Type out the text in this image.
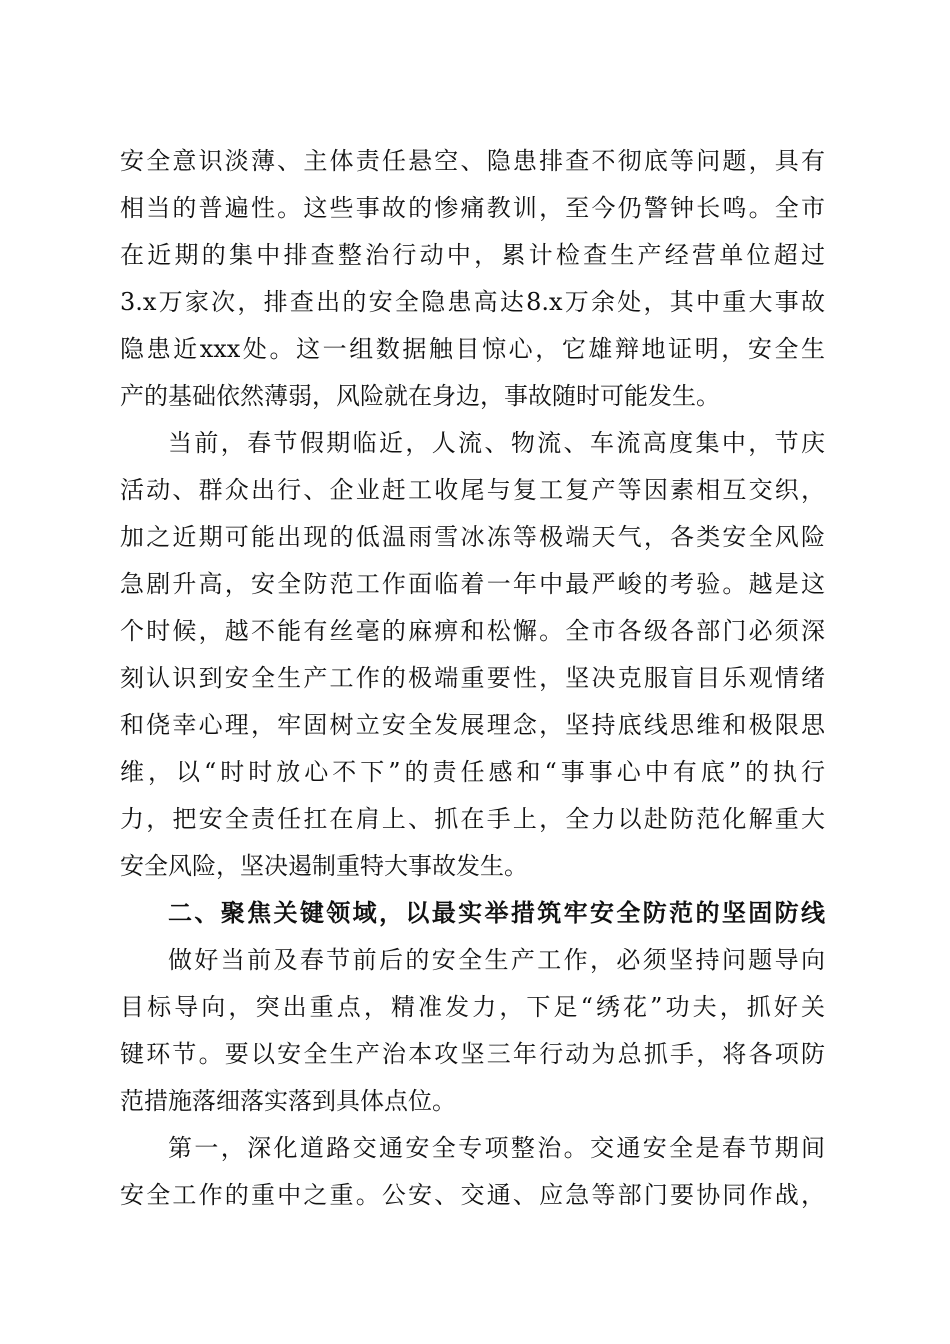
安全意识淡薄、主体责任悬空、隐患排查不彻底等问题，具有
相当的普遍性。这些事故的惨痛教训，至今仍警钟长鸣。全市
在近期的集中排查整治行动中，累计检查生产经营单位超过
3.x万家次，排查出的安全隐患高达8.x万余处，其中重大事故
隐患近xxx处。这一组数据触目惊心，它雄辩地证明，安全生
产的基础依然薄弱，风险就在身边，事故随时可能发生。
当前，春节假期临近，人流、物流、车流高度集中，节庆
活动、群众出行、企业赶工收尾与复工复产等因素相互交织，
加之近期可能出现的低温雨雪冰冻等极端天气，各类安全风险
急剧升高，安全防范工作面临着一年中最严峻的考验。越是这
个时候，越不能有丝毫的麻痹和松懈。全市各级各部门必须深
刻认识到安全生产工作的极端重要性，坚决克服盲目乐观情绪
和侥幸心理，牢固树立安全发展理念，坚持底线思维和极限思
维，以“时时放心不下”的责任感和“事事心中有底”的执行
力，把安全责任扛在肩上、抓在手上，全力以赴防范化解重大
安全风险，坚决遏制重特大事故发生。
二、聚焦关键领域，以最实举措筑牢安全防范的坚固防线
做好当前及春节前后的安全生产工作，必须坚持问题导向
目标导向，突出重点，精准发力，下足“绣花”功夫，抓好关
键环节。要以安全生产治本攻坚三年行动为总抓手，将各项防
范措施落细落实落到具体点位。
第一，深化道路交通安全专项整治。交通安全是春节期间
安全工作的重中之重。公安、交通、应急等部门要协同作战，
